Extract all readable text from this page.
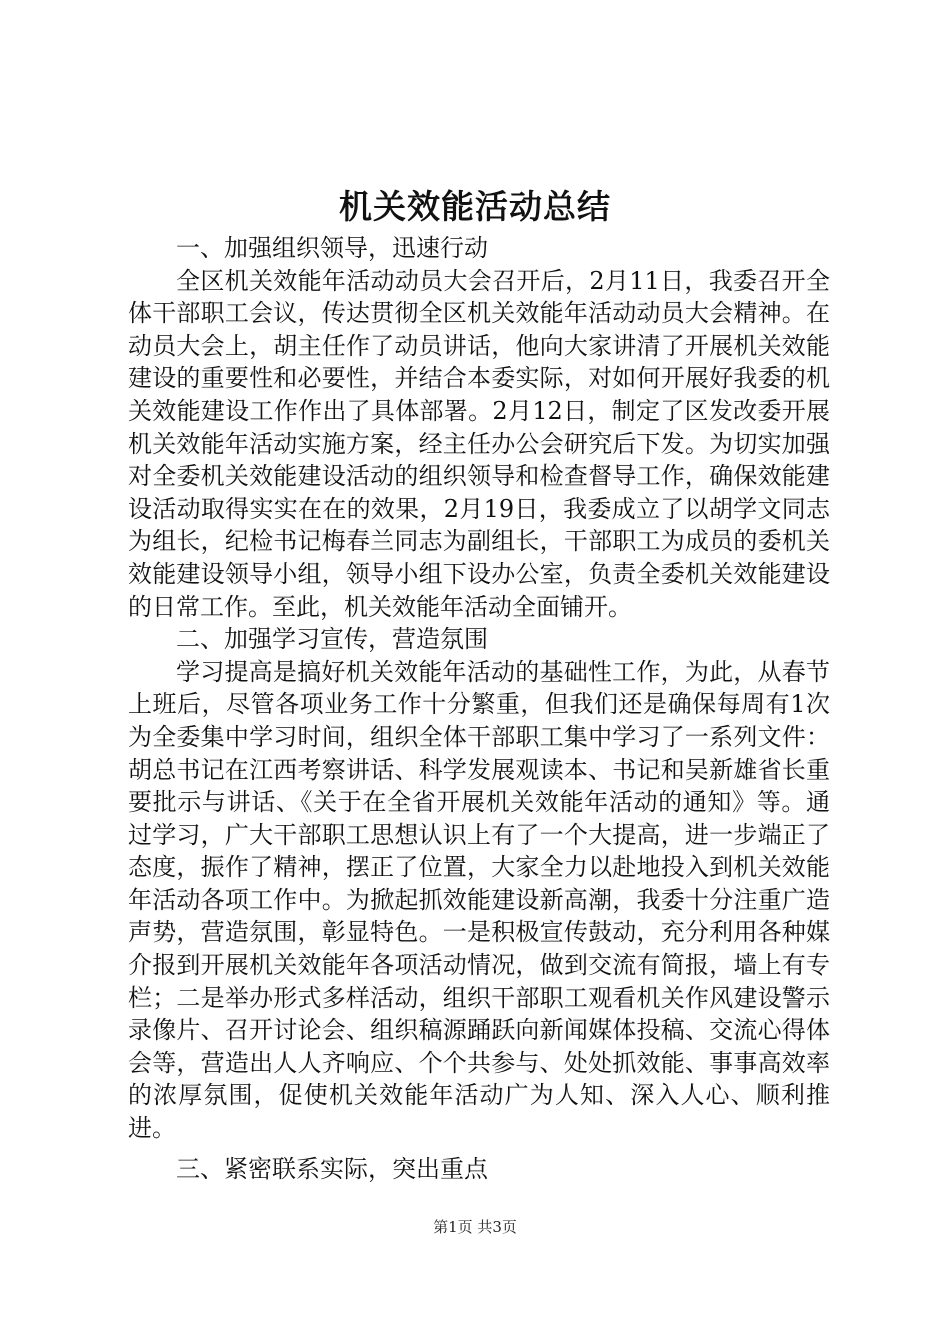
机关效能活动总结

一、加强组织领导，迅速行动

全区机关效能年活动动员大会召开后，2月11日，我委召开全体干部职工会议，传达贯彻全区机关效能年活动动员大会精神。在动员大会上，胡主任作了动员讲话，他向大家讲清了开展机关效能建设的重要性和必要性，并结合本委实际，对如何开展好我委的机关效能建设工作作出了具体部署。2月12日，制定了区发改委开展机关效能年活动实施方案，经主任办公会研究后下发。为切实加强对全委机关效能建设活动的组织领导和检查督导工作，确保效能建设活动取得实实在在的效果，2月19日，我委成立了以胡学文同志为组长，纪检书记梅春兰同志为副组长，干部职工为成员的委机关效能建设领导小组，领导小组下设办公室，负责全委机关效能建设的日常工作。至此，机关效能年活动全面铺开。

二、加强学习宣传，营造氛围

学习提高是搞好机关效能年活动的基础性工作，为此，从春节上班后，尽管各项业务工作十分繁重，但我们还是确保每周有1次为全委集中学习时间，组织全体干部职工集中学习了一系列文件：胡总书记在江西考察讲话、科学发展观读本、书记和吴新雄省长重要批示与讲话、《关于在全省开展机关效能年活动的通知》等。通过学习，广大干部职工思想认识上有了一个大提高，进一步端正了态度，振作了精神，摆正了位置，大家全力以赴地投入到机关效能年活动各项工作中。为掀起抓效能建设新高潮，我委十分注重广造声势，营造氛围，彰显特色。一是积极宣传鼓动，充分利用各种媒介报到开展机关效能年各项活动情况，做到交流有简报，墙上有专栏；二是举办形式多样活动，组织干部职工观看机关作风建设警示录像片、召开讨论会、组织稿源踊跃向新闻媒体投稿、交流心得体会等，营造出人人齐响应、个个共参与、处处抓效能、事事高效率的浓厚氛围，促使机关效能年活动广为人知、深入人心、顺利推进。

三、紧密联系实际，突出重点

第1页 共3页
